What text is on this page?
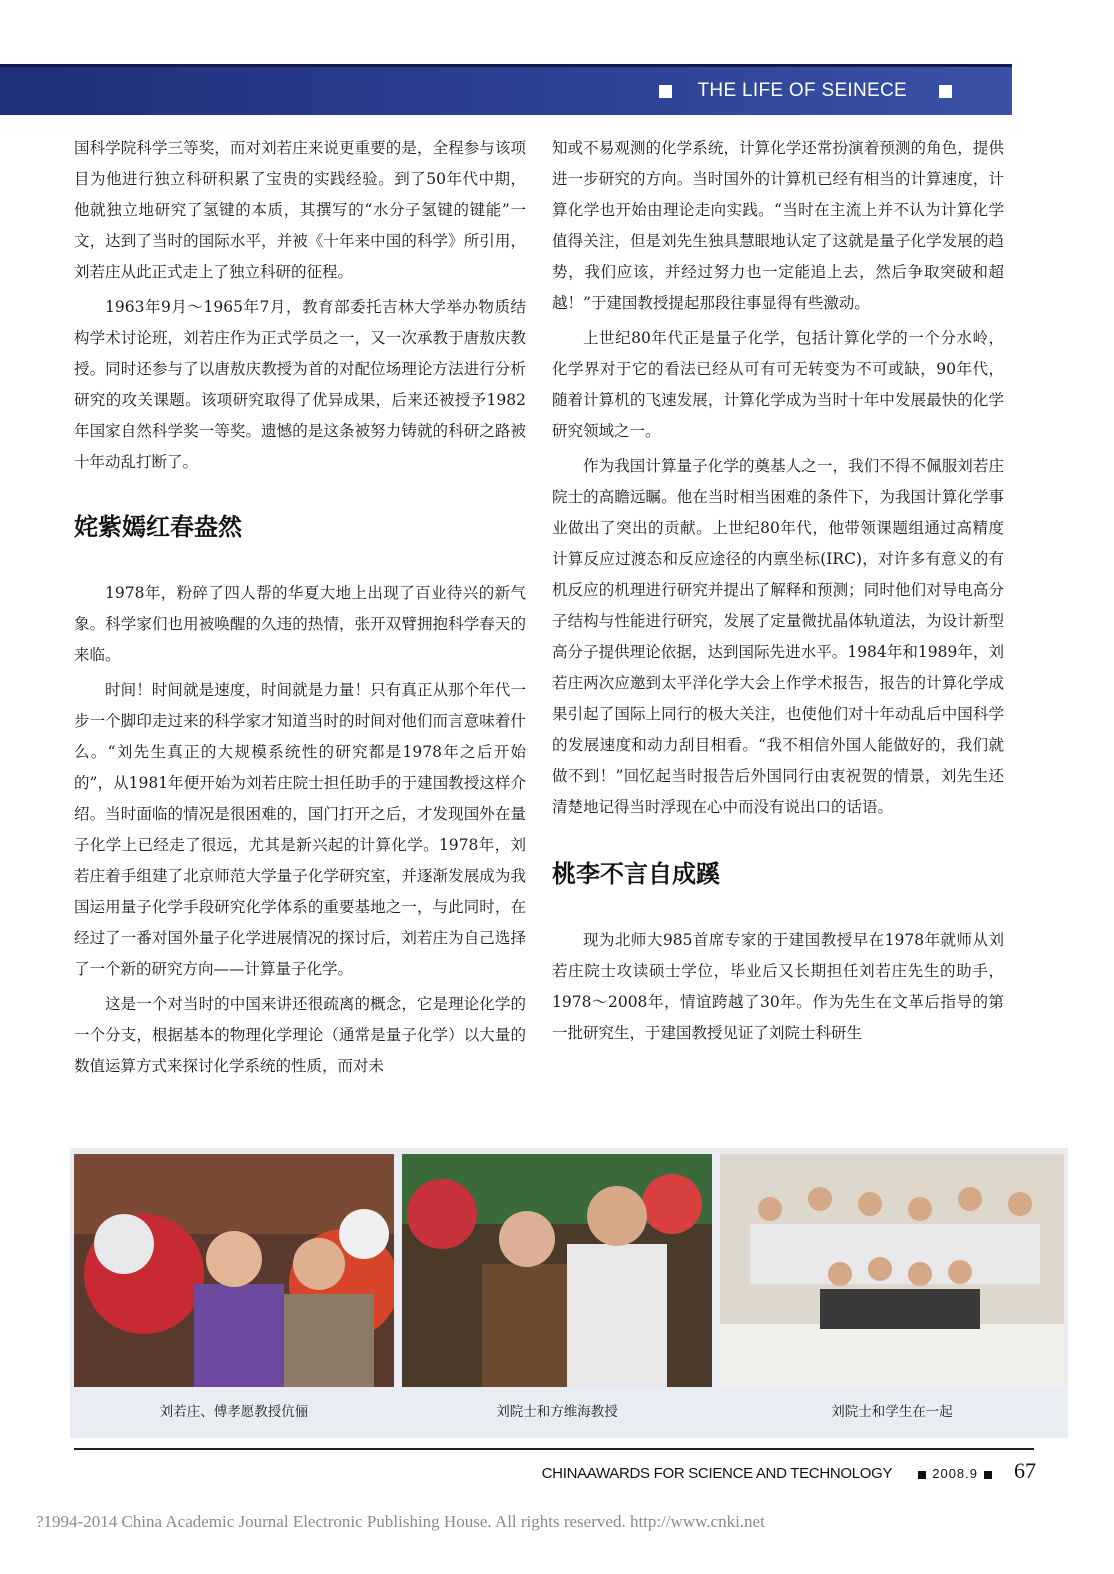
THE LIFE OF SEINECE

国科学院科学三等奖，而对刘若庄来说更重要的是，全程参与该项目为他进行独立科研积累了宝贵的实践经验。到了50年代中期，他就独立地研究了氢键的本质，其撰写的“水分子氢键的键能”一文，达到了当时的国际水平，并被《十年来中国的科学》所引用，刘若庄从此正式走上了独立科研的征程。

1963年9月～1965年7月，教育部委托吉林大学举办物质结构学术讨论班，刘若庄作为正式学员之一，又一次承教于唐敖庆教授。同时还参与了以唐敖庆教授为首的对配位场理论方法进行分析研究的攻关课题。该项研究取得了优异成果，后来还被授予1982年国家自然科学奖一等奖。遗憾的是这条被努力铸就的科研之路被十年动乱打断了。

姹紫嫣红春盎然

1978年，粉碎了四人帮的华夏大地上出现了百业待兴的新气象。科学家们也用被唤醒的久违的热情，张开双臂拥抱科学春天的来临。

时间！时间就是速度，时间就是力量！只有真正从那个年代一步一个脚印走过来的科学家才知道当时的时间对他们而言意味着什么。“刘先生真正的大规模系统性的研究都是1978年之后开始的”，从1981年便开始为刘若庄院士担任助手的于建国教授这样介绍。当时面临的情况是很困难的，国门打开之后，才发现国外在量子化学上已经走了很远，尤其是新兴起的计算化学。1978年，刘若庄着手组建了北京师范大学量子化学研究室，并逐渐发展成为我国运用量子化学手段研究化学体系的重要基地之一，与此同时，在经过了一番对国外量子化学进展情况的探讨后，刘若庄为自己选择了一个新的研究方向——计算量子化学。

这是一个对当时的中国来讲还很疏离的概念，它是理论化学的一个分支，根据基本的物理化学理论（通常是量子化学）以大量的数值运算方式来探讨化学系统的性质，而对未

知或不易观测的化学系统，计算化学还常扮演着预测的角色，提供进一步研究的方向。当时国外的计算机已经有相当的计算速度，计算化学也开始由理论走向实践。“当时在主流上并不认为计算化学值得关注，但是刘先生独具慧眼地认定了这就是量子化学发展的趋势，我们应该，并经过努力也一定能追上去，然后争取突破和超越！”于建国教授提起那段往事显得有些激动。

上世纪80年代正是量子化学，包括计算化学的一个分水岭，化学界对于它的看法已经从可有可无转变为不可或缺，90年代，随着计算机的飞速发展，计算化学成为当时十年中发展最快的化学研究领域之一。

作为我国计算量子化学的奠基人之一，我们不得不佩服刘若庄院士的高瞻远瞩。他在当时相当困难的条件下，为我国计算化学事业做出了突出的贡献。上世纪80年代，他带领课题组通过高精度计算反应过渡态和反应途径的内禀坐标(IRC)，对许多有意义的有机反应的机理进行研究并提出了解释和预测；同时他们对导电高分子结构与性能进行研究，发展了定量微扰晶体轨道法，为设计新型高分子提供理论依据，达到国际先进水平。1984年和1989年，刘若庄两次应邀到太平洋化学大会上作学术报告，报告的计算化学成果引起了国际上同行的极大关注，也使他们对十年动乱后中国科学的发展速度和动力刮目相看。“我不相信外国人能做好的，我们就做不到！”回忆起当时报告后外国同行由衷祝贺的情景，刘先生还清楚地记得当时浮现在心中而没有说出口的话语。

桃李不言自成蹊

现为北师大985首席专家的于建国教授早在1978年就师从刘若庄院士攻读硕士学位，毕业后又长期担任刘若庄先生的助手，1978～2008年，情谊跨越了30年。作为先生在文革后指导的第一批研究生，于建国教授见证了刘院士科研生

刘若庄、傅孝愿教授伉俪	刘院士和方维海教授	刘院士和学生在一起
CHINAAWARDS FOR SCIENCE AND TECHNOLOGY	2008.9	67
?1994-2014 China Academic Journal Electronic Publishing House. All rights reserved. http://www.cnki.net
